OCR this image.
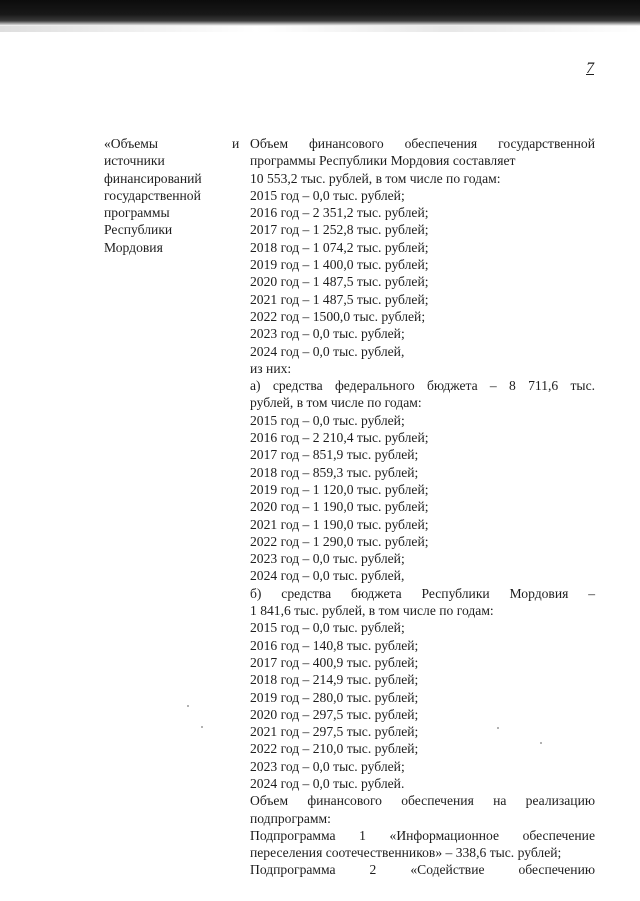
7
«Объемы
источники
финансирований
государственной
программы
Республики
Мордовия
и Объем финансового обеспечения государственной программы Республики Мордовия составляет
10 553,2 тыс. рублей, в том числе по годам:
2015 год – 0,0 тыс. рублей;
2016 год – 2 351,2 тыс. рублей;
2017 год – 1 252,8 тыс. рублей;
2018 год – 1 074,2 тыс. рублей;
2019 год – 1 400,0 тыс. рублей;
2020 год – 1 487,5 тыс. рублей;
2021 год – 1 487,5 тыс. рублей;
2022 год – 1500,0 тыс. рублей;
2023 год – 0,0 тыс. рублей;
2024 год – 0,0 тыс. рублей,
из них:
а) средства федерального бюджета – 8 711,6 тыс.
рублей, в том числе по годам:
2015 год – 0,0 тыс. рублей;
2016 год – 2 210,4 тыс. рублей;
2017 год – 851,9 тыс. рублей;
2018 год – 859,3 тыс. рублей;
2019 год – 1 120,0 тыс. рублей;
2020 год – 1 190,0 тыс. рублей;
2021 год – 1 190,0 тыс. рублей;
2022 год – 1 290,0 тыс. рублей;
2023 год – 0,0 тыс. рублей;
2024 год – 0,0 тыс. рублей,
б) средства бюджета Республики Мордовия –
1 841,6 тыс. рублей, в том числе по годам:
2015 год – 0,0 тыс. рублей;
2016 год – 140,8 тыс. рублей;
2017 год – 400,9 тыс. рублей;
2018 год – 214,9 тыс. рублей;
2019 год – 280,0 тыс. рублей;
2020 год – 297,5 тыс. рублей;
2021 год – 297,5 тыс. рублей;
2022 год – 210,0 тыс. рублей;
2023 год – 0,0 тыс. рублей;
2024 год – 0,0 тыс. рублей.
Объем финансового обеспечения на реализацию подпрограмм:
Подпрограмма 1 «Информационное обеспечение переселения соотечественников» – 338,6 тыс. рублей;
Подпрограмма 2 «Содействие обеспечению
